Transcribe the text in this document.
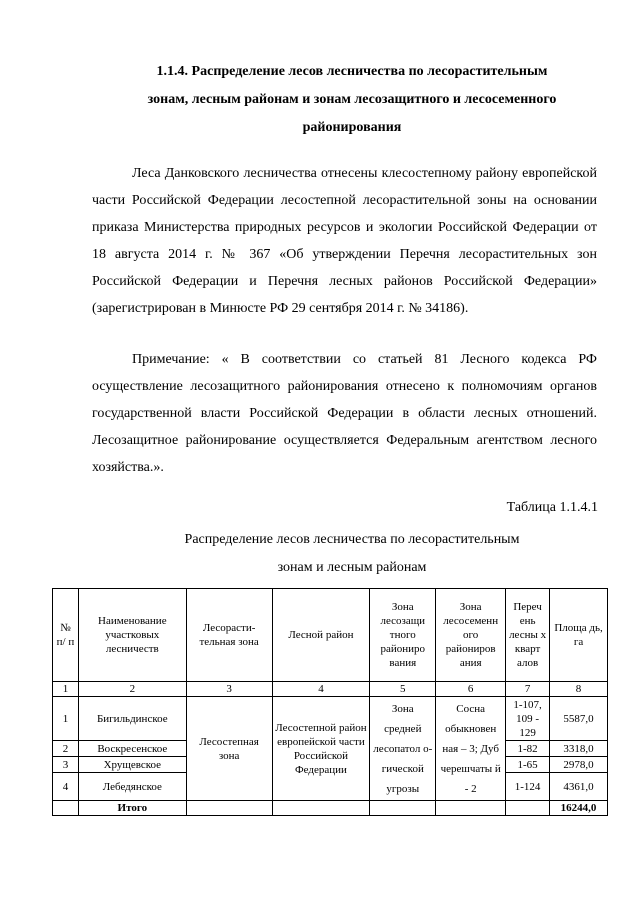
1.1.4. Распределение лесов лесничества по лесорастительным
зонам, лесным районам и зонам лесозащитного и лесосеменного
районирования
Леса Данковского лесничества отнесены клесостепному району европейской части Российской Федерации лесостепной лесорастительной зоны на основании приказа Министерства природных ресурсов и экологии Российской Федерации от 18 августа 2014 г. № 367 «Об утверждении Перечня лесорастительных зон Российской Федерации и Перечня лесных районов Российской Федерации» (зарегистрирован в Минюсте РФ 29 сентября 2014 г. № 34186).
Примечание: « В соответствии со статьей 81 Лесного кодекса РФ осуществление лесозащитного районирования отнесено к полномочиям органов государственной власти Российской Федерации в области лесных отношений. Лесозащитное районирование осуществляется Федеральным агентством лесного хозяйства.».
Таблица 1.1.4.1
Распределение лесов лесничества по лесорастительным
зонам и лесным районам
№ п/ п	Наименование участковых лесничеств	Лесорасти- тельная зона	Лесной район	Зона лесозащи тного райониро вания	Зона лесосеменн ого райониров ания	Переч ень лесны х кварт алов	Площа дь, га
1	2	3	4	5	6	7	8
1	Бигильдинское	Лесостепная зона	Лесостепной район европейской части Российской Федерации	Зона средней лесопатол о- гической угрозы	Сосна обыкновен ная – 3; Дуб черешчаты й - 2	1-107, 109 - 129	5587,0
2	Воскресенское					1-82	3318,0
3	Хрущевское					1-65	2978,0
4	Лебедянское					1-124	4361,0
	Итого						16244,0
